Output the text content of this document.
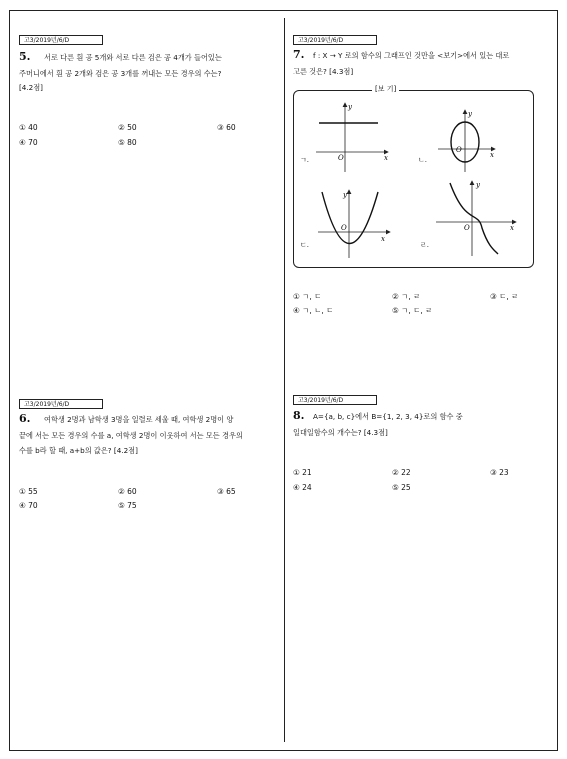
고3/2019년/6/D
5. 서로 다른 흰 공 5개와 서로 다른 검은 공 4개가 들어있는
주머니에서 흰 공 2개와 검은 공 3개를 꺼내는 모든 경우의 수는?
[4.2점]
① 40	② 50	③ 60
④ 70	⑤ 80
고3/2019년/6/D
6. 여학생 2명과 남학생 3명을 일렬로 세울 때, 여학생 2명이 양
끝에 서는 모든 경우의 수를 a, 여학생 2명이 이웃하여 서는 모든 경우의
수를 b라 할 때, a+b의 값은? [4.2점]
① 55	② 60	③ 65
④ 70	⑤ 75
고3/2019년/6/D
7. f : X → Y 로의 함수의 그래프인 것만을 <보기>에서 있는 대로
고른 것은? [4.3점]
[보 기]
ㄱ.	ㄴ.
ㄷ.	ㄹ.
y
x
O
y
x
O
y
x
O
y
x
O
① ㄱ, ㄷ	② ㄱ, ㄹ	③ ㄷ, ㄹ
④ ㄱ, ㄴ, ㄷ	⑤ ㄱ, ㄷ, ㄹ
고3/2019년/6/D
8. A={a, b, c}에서 B={1, 2, 3, 4}로의 함수 중
일대일함수의 개수는? [4.3점]
① 21	② 22	③ 23
④ 24	⑤ 25
